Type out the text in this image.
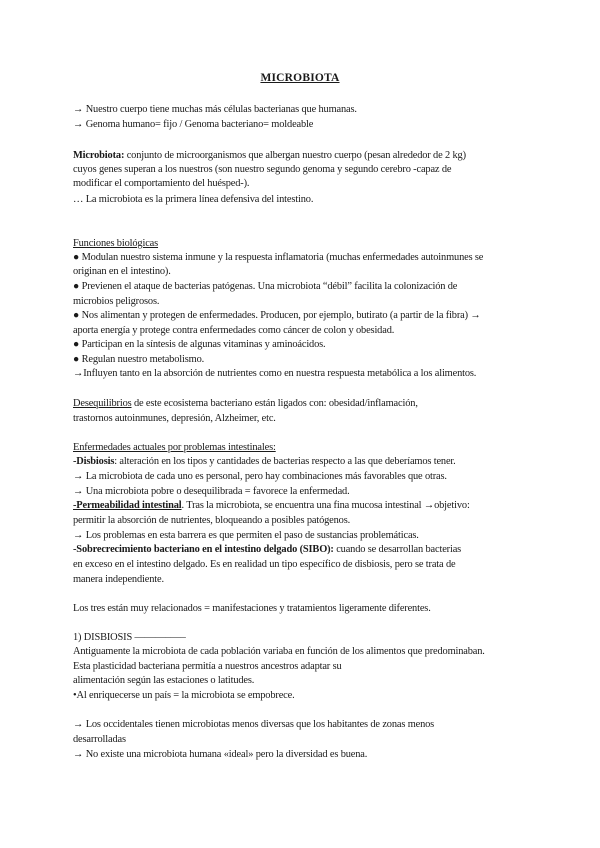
MICROBIOTA
→ Nuestro cuerpo tiene muchas más células bacterianas que humanas.
→ Genoma humano= fijo / Genoma bacteriano= moldeable
Microbiota: conjunto de microorganismos que albergan nuestro cuerpo (pesan alrededor de 2 kg)
cuyos genes superan a los nuestros (son nuestro segundo genoma y segundo cerebro -capaz de
modificar el comportamiento del huésped-).
… La microbiota es la primera línea defensiva del intestino.
Funciones biológicas
● Modulan nuestro sistema inmune y la respuesta inflamatoria (muchas enfermedades autoinmunes se
originan en el intestino).
● Previenen el ataque de bacterias patógenas. Una microbiota “débil” facilita la colonización de
microbios peligrosos.
● Nos alimentan y protegen de enfermedades. Producen, por ejemplo, butirato (a partir de la fibra) →
aporta energía y protege contra enfermedades como cáncer de colon y obesidad.
● Participan en la síntesis de algunas vitaminas y aminoácidos.
● Regulan nuestro metabolismo.
→Influyen tanto en la absorción de nutrientes como en nuestra respuesta metabólica a los alimentos.
Desequilibrios de este ecosistema bacteriano están ligados con: obesidad/inflamación,
trastornos autoinmunes, depresión, Alzheimer, etc.
Enfermedades actuales por problemas intestinales:
-Disbiosis: alteración en los tipos y cantidades de bacterias respecto a las que deberíamos tener.
→ La microbiota de cada uno es personal, pero hay combinaciones más favorables que otras.
→ Una microbiota pobre o desequilibrada = favorece la enfermedad.
-Permeabilidad intestinal. Tras la microbiota, se encuentra una fina mucosa intestinal →objetivo:
permitir la absorción de nutrientes, bloqueando a posibles patógenos.
→ Los problemas en esta barrera es que permiten el paso de sustancias problemáticas.
-Sobrecrecimiento bacteriano en el intestino delgado (SIBO): cuando se desarrollan bacterias
en exceso en el intestino delgado. Es en realidad un tipo específico de disbiosis, pero se trata de
manera independiente.
Los tres están muy relacionados = manifestaciones y tratamientos ligeramente diferentes.
1) DISBIOSIS ———–—–
Antiguamente la microbiota de cada población variaba en función de los alimentos que predominaban.
Esta plasticidad bacteriana permitía a nuestros ancestros adaptar su
alimentación según las estaciones o latitudes.
•Al enriquecerse un país = la microbiota se empobrece.
→ Los occidentales tienen microbiotas menos diversas que los habitantes de zonas menos
desarrolladas
→ No existe una microbiota humana «ideal» pero la diversidad es buena.
